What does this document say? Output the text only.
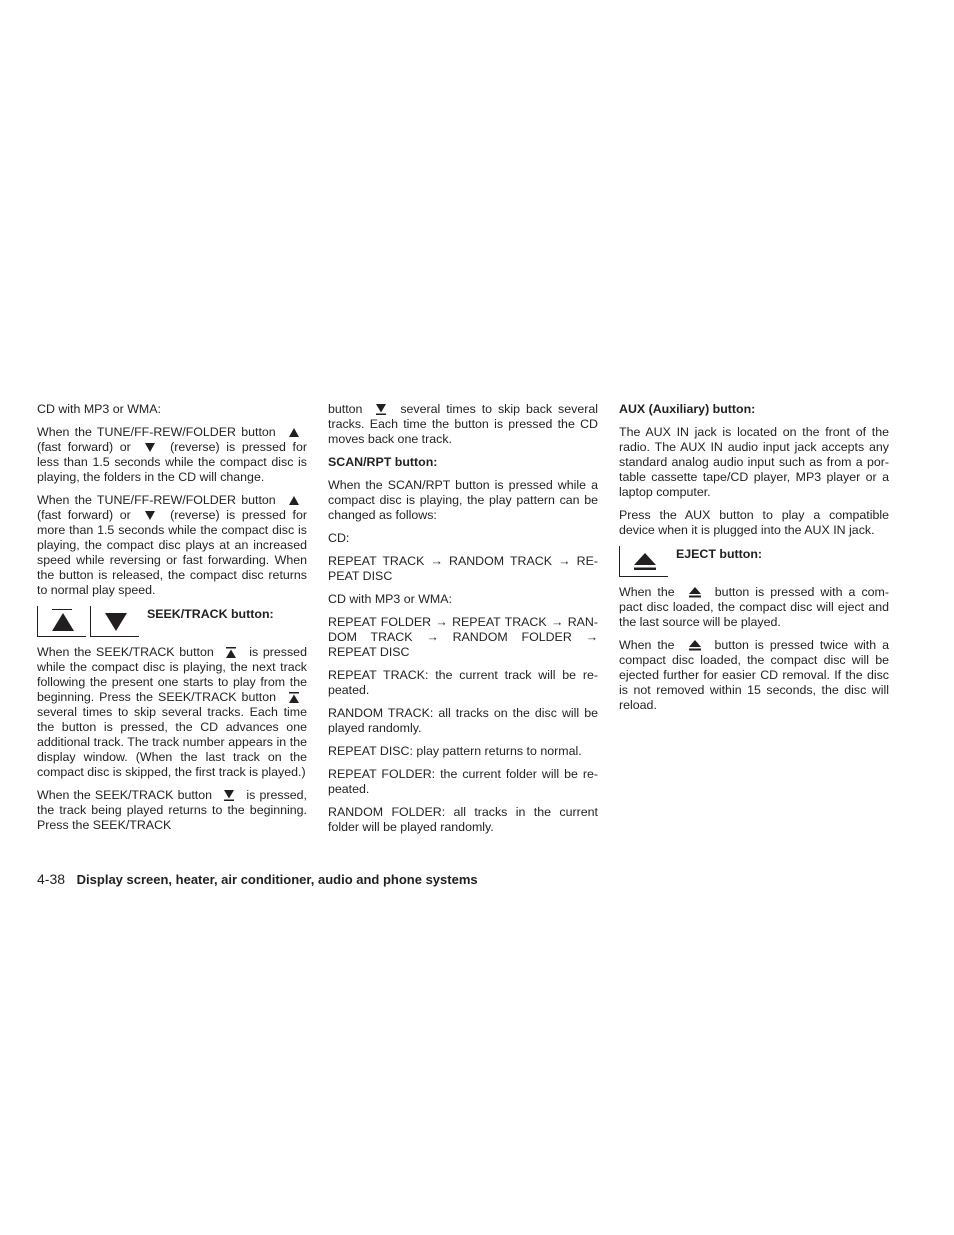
CD with MP3 or WMA:

When the TUNE/FF-REW/FOLDER button
(fast forward) or	(reverse) is pressed for less than 1.5 seconds while the compact disc is playing, the folders in the CD will change.

When the TUNE/FF-REW/FOLDER button
(fast forward) or	(reverse) is pressed for more than 1.5 seconds while the compact disc is playing, the compact disc plays at an increased speed while reversing or fast forwarding. When the button is released, the compact disc returns to normal play speed.

SEEK/TRACK button:

When the SEEK/TRACK button	is pressed while the compact disc is playing, the next track following the present one starts to play from the beginning. Press the SEEK/TRACK button
several times to skip several tracks. Each time the button is pressed, the CD advances one additional track. The track number appears in the display window. (When the last track on the compact disc is skipped, the first track is played.)

When the SEEK/TRACK button	is pressed, the track being played returns to the beginning. Press the SEEK/TRACK

button	several times to skip back several tracks. Each time the button is pressed the CD moves back one track.

SCAN/RPT button:

When the SCAN/RPT button is pressed while a compact disc is playing, the play pattern can be changed as follows:

CD:

REPEAT TRACK → RANDOM TRACK → RE-PEAT DISC

CD with MP3 or WMA:

REPEAT FOLDER → REPEAT TRACK → RAN-DOM TRACK → RANDOM FOLDER → REPEAT DISC

REPEAT TRACK: the current track will be re-peated.

RANDOM TRACK: all tracks on the disc will be played randomly.

REPEAT DISC: play pattern returns to normal.

REPEAT FOLDER: the current folder will be re-peated.

RANDOM FOLDER: all tracks in the current folder will be played randomly.

AUX (Auxiliary) button:

The AUX IN jack is located on the front of the radio. The AUX IN audio input jack accepts any standard analog audio input such as from a por-table cassette tape/CD player, MP3 player or a laptop computer.

Press the AUX button to play a compatible device when it is plugged into the AUX IN jack.

EJECT button:

When the	button is pressed with a com-pact disc loaded, the compact disc will eject and the last source will be played.

When the	button is pressed twice with a compact disc loaded, the compact disc will be ejected further for easier CD removal. If the disc is not removed within 15 seconds, the disc will reload.

4-38 Display screen, heater, air conditioner, audio and phone systems
